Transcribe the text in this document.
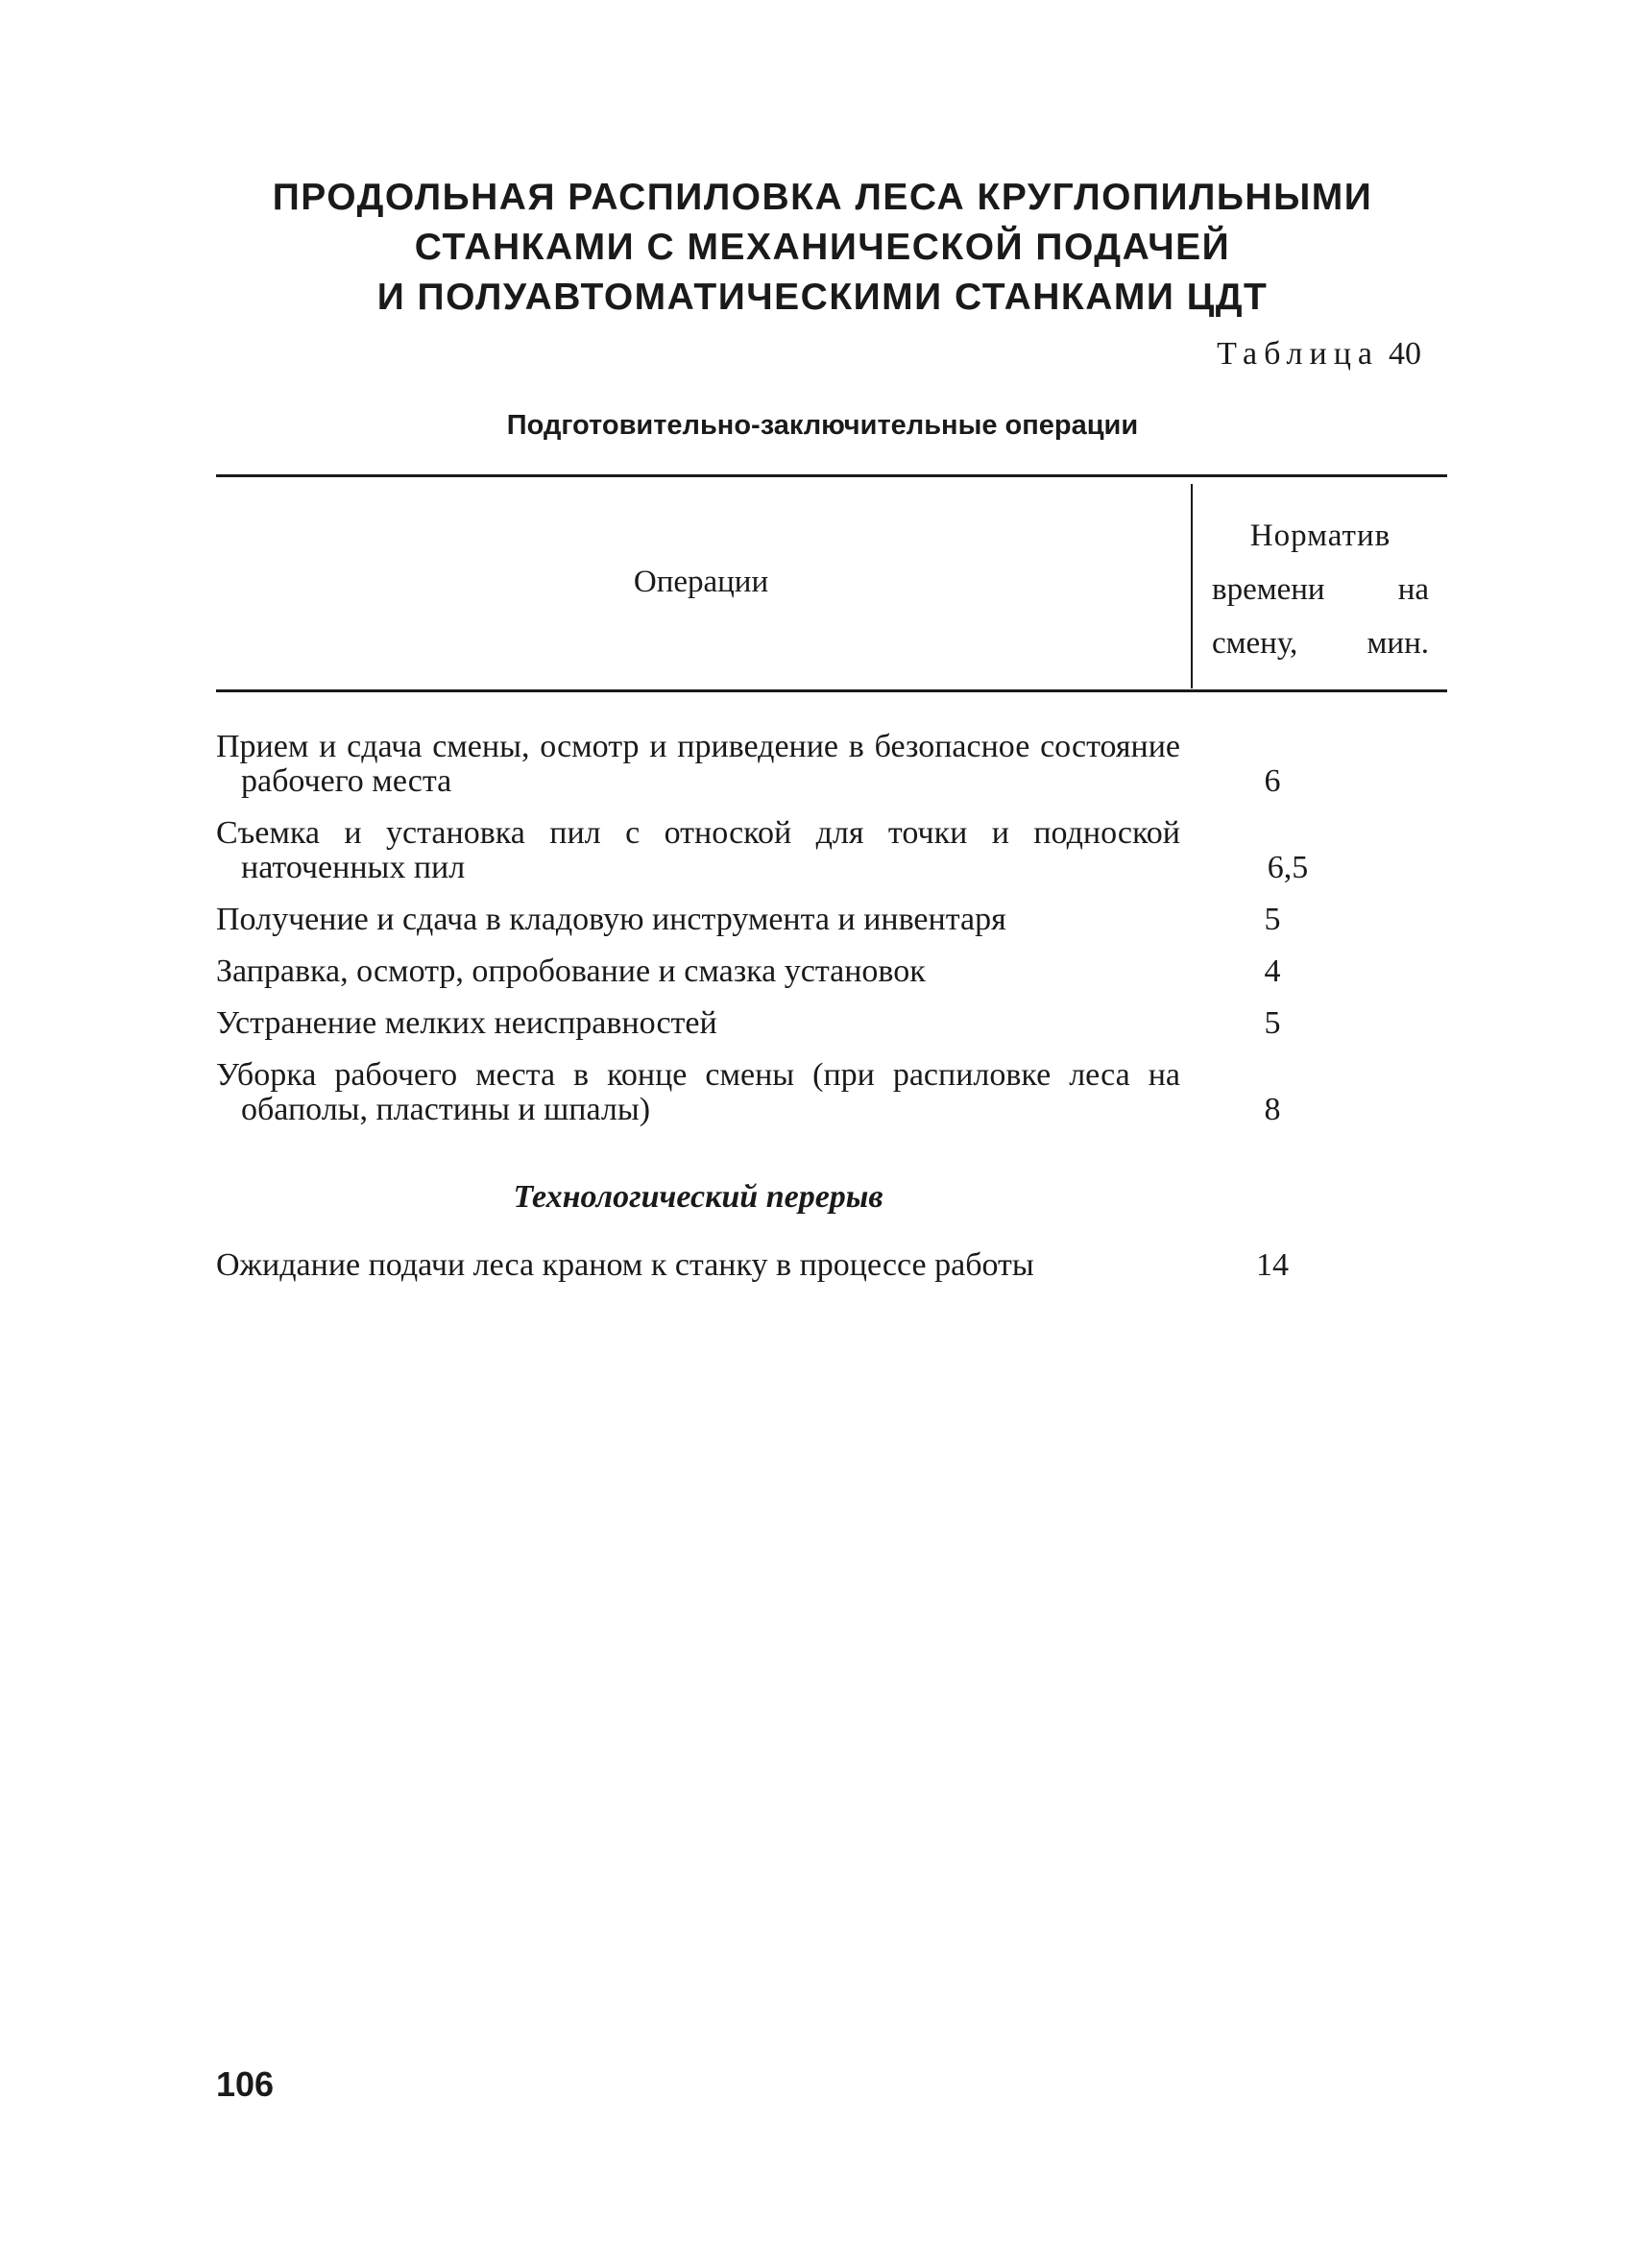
ПРОДОЛЬНАЯ РАСПИЛОВКА ЛЕСА КРУГЛОПИЛЬНЫМИ
СТАНКАМИ С МЕХАНИЧЕСКОЙ ПОДАЧЕЙ
И ПОЛУАВТОМАТИЧЕСКИМИ СТАНКАМИ ЦДТ
Таблица 40
Подготовительно-заключительные операции
Операции
Норматив
времени на
смену, мин.
Прием и сдача смены, осмотр и приведение в безопасное состояние рабочего места	6
Съемка и установка пил с отноской для точки и подноской наточенных пил	6,5
Получение и сдача в кладовую инструмента и инвентаря	5
Заправка, осмотр, опробование и смазка установок	4
Устранение мелких неисправностей	5
Уборка рабочего места в конце смены (при распиловке леса на обаполы, пластины и шпалы)	8
Технологический перерыв
Ожидание подачи леса краном к станку в процессе работы	14
106
